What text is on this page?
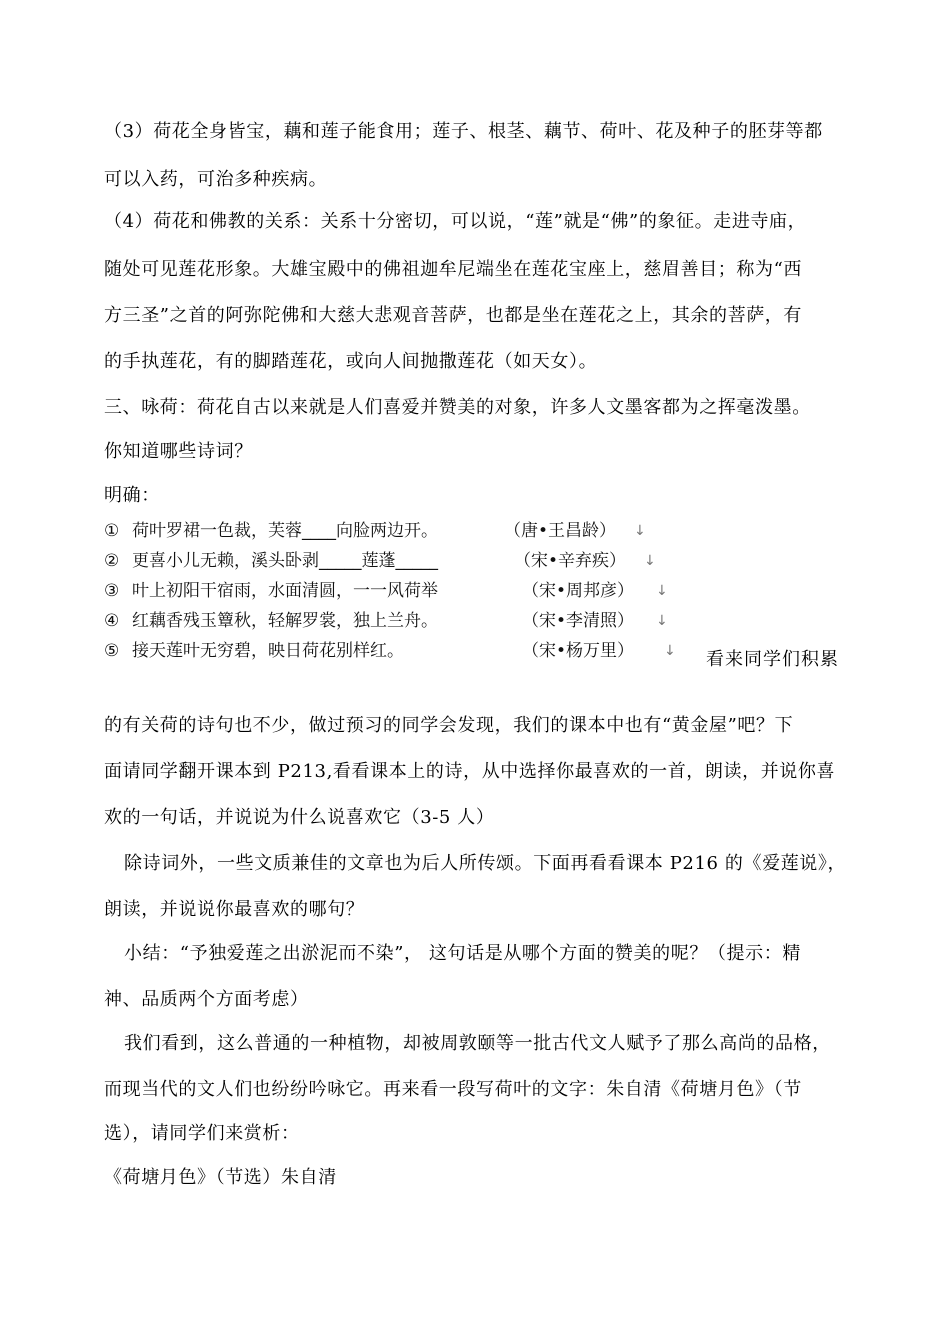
（3）荷花全身皆宝，藕和莲子能食用；莲子、根茎、藕节、荷叶、花及种子的胚芽等都
可以入药，可治多种疾病。
（4）荷花和佛教的关系：关系十分密切，可以说，“莲”就是“佛”的象征。走进寺庙，
随处可见莲花形象。大雄宝殿中的佛祖迦牟尼端坐在莲花宝座上，慈眉善目；称为“西
方三圣”之首的阿弥陀佛和大慈大悲观音菩萨，也都是坐在莲花之上，其余的菩萨，有
的手执莲花，有的脚踏莲花，或向人间抛撒莲花（如天女）。
三、咏荷：荷花自古以来就是人们喜爱并赞美的对象，许多人文墨客都为之挥毫泼墨。
你知道哪些诗词？
明确：
① 荷叶罗裙一色裁，芙蓉____向脸两边开。	（唐•王昌龄） ↓
② 更喜小儿无赖，溪头卧剥_____莲蓬_____	（宋•辛弃疾） ↓
③ 叶上初阳干宿雨，水面清圆，一一风荷举	（宋•周邦彦） ↓
④ 红藕香残玉簟秋，轻解罗裳，独上兰舟。	（宋•李清照） ↓
⑤ 接天莲叶无穷碧，映日荷花别样红。	（宋•杨万里） ↓ 看来同学们积累
的有关荷的诗句也不少，做过预习的同学会发现，我们的课本中也有“黄金屋”吧？下
面请同学翻开课本到 P213,看看课本上的诗，从中选择你最喜欢的一首，朗读，并说你喜
欢的一句话，并说说为什么说喜欢它（3-5 人）
除诗词外，一些文质兼佳的文章也为后人所传颂。下面再看看课本 P216 的《爱莲说》，
朗读，并说说你最喜欢的哪句？
小结：“予独爱莲之出淤泥而不染”， 这句话是从哪个方面的赞美的呢？（提示：精
神、品质两个方面考虑）
我们看到，这么普通的一种植物，却被周敦颐等一批古代文人赋予了那么高尚的品格，
而现当代的文人们也纷纷吟咏它。再来看一段写荷叶的文字：朱自清《荷塘月色》（节
选），请同学们来赏析：
《荷塘月色》（节选）朱自清
